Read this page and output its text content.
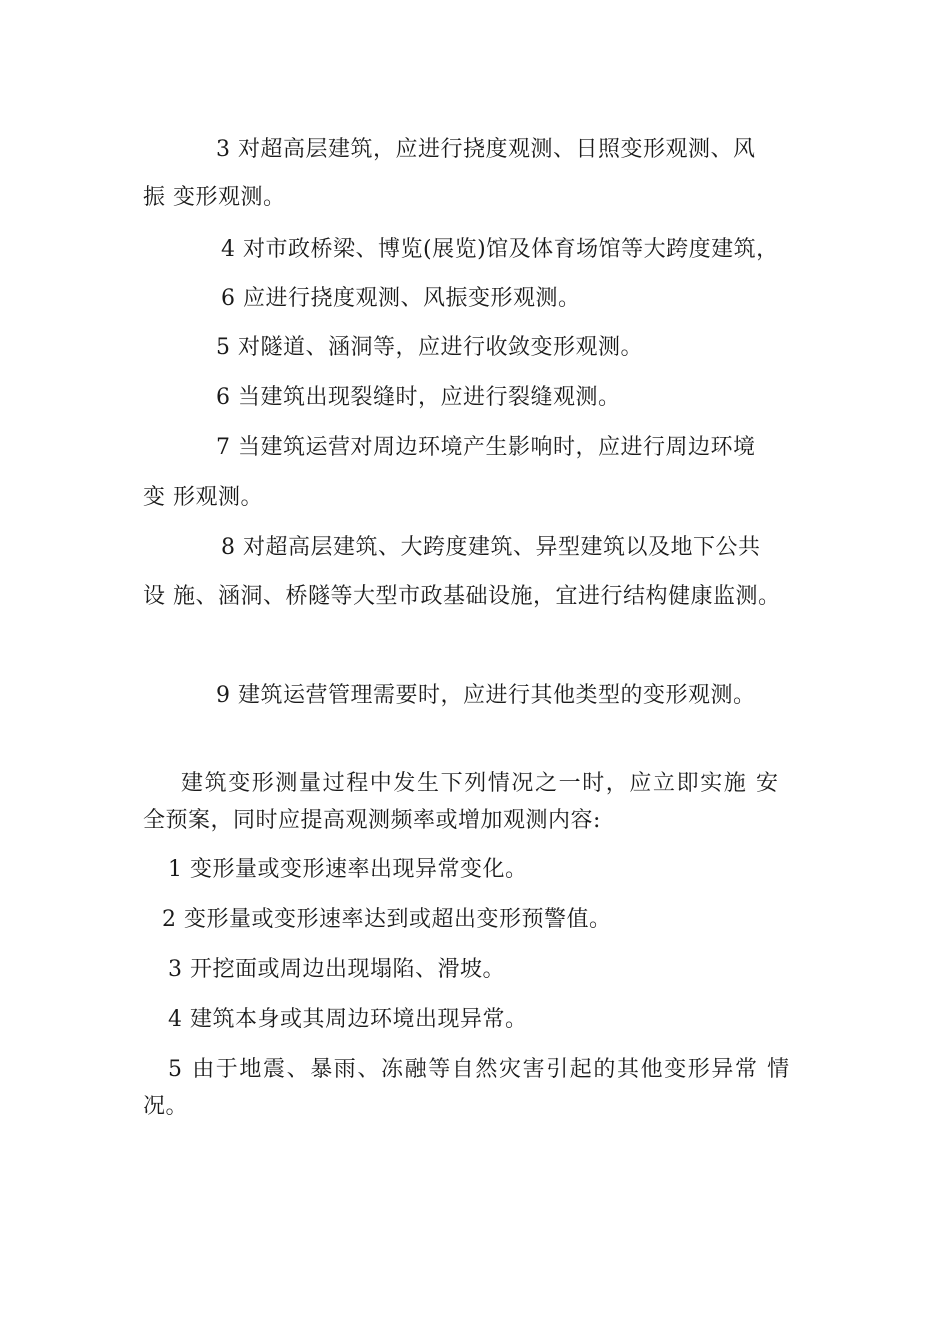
3 对超高层建筑，应进行挠度观测、日照变形观测、风
振 变形观测。
4 对市政桥梁、博览(展览)馆及体育场馆等大跨度建筑，
6 应进行挠度观测、风振变形观测。
5 对隧道、涵洞等，应进行收敛变形观测。
6 当建筑出现裂缝时，应进行裂缝观测。
7 当建筑运营对周边环境产生影响时，应进行周边环境
变 形观测。
8 对超高层建筑、大跨度建筑、异型建筑以及地下公共
设 施、涵洞、桥隧等大型市政基础设施，宜进行结构健康监测。
9 建筑运营管理需要时，应进行其他类型的变形观测。
建筑变形测量过程中发生下列情况之一时，应立即实施 安
全预案，同时应提高观测频率或增加观测内容:
1 变形量或变形速率出现异常变化。
2 变形量或变形速率达到或超出变形预警值。
3 开挖面或周边出现塌陷、滑坡。
4 建筑本身或其周边环境出现异常。
5 由于地震、暴雨、冻融等自然灾害引起的其他变形异常 情
况。
